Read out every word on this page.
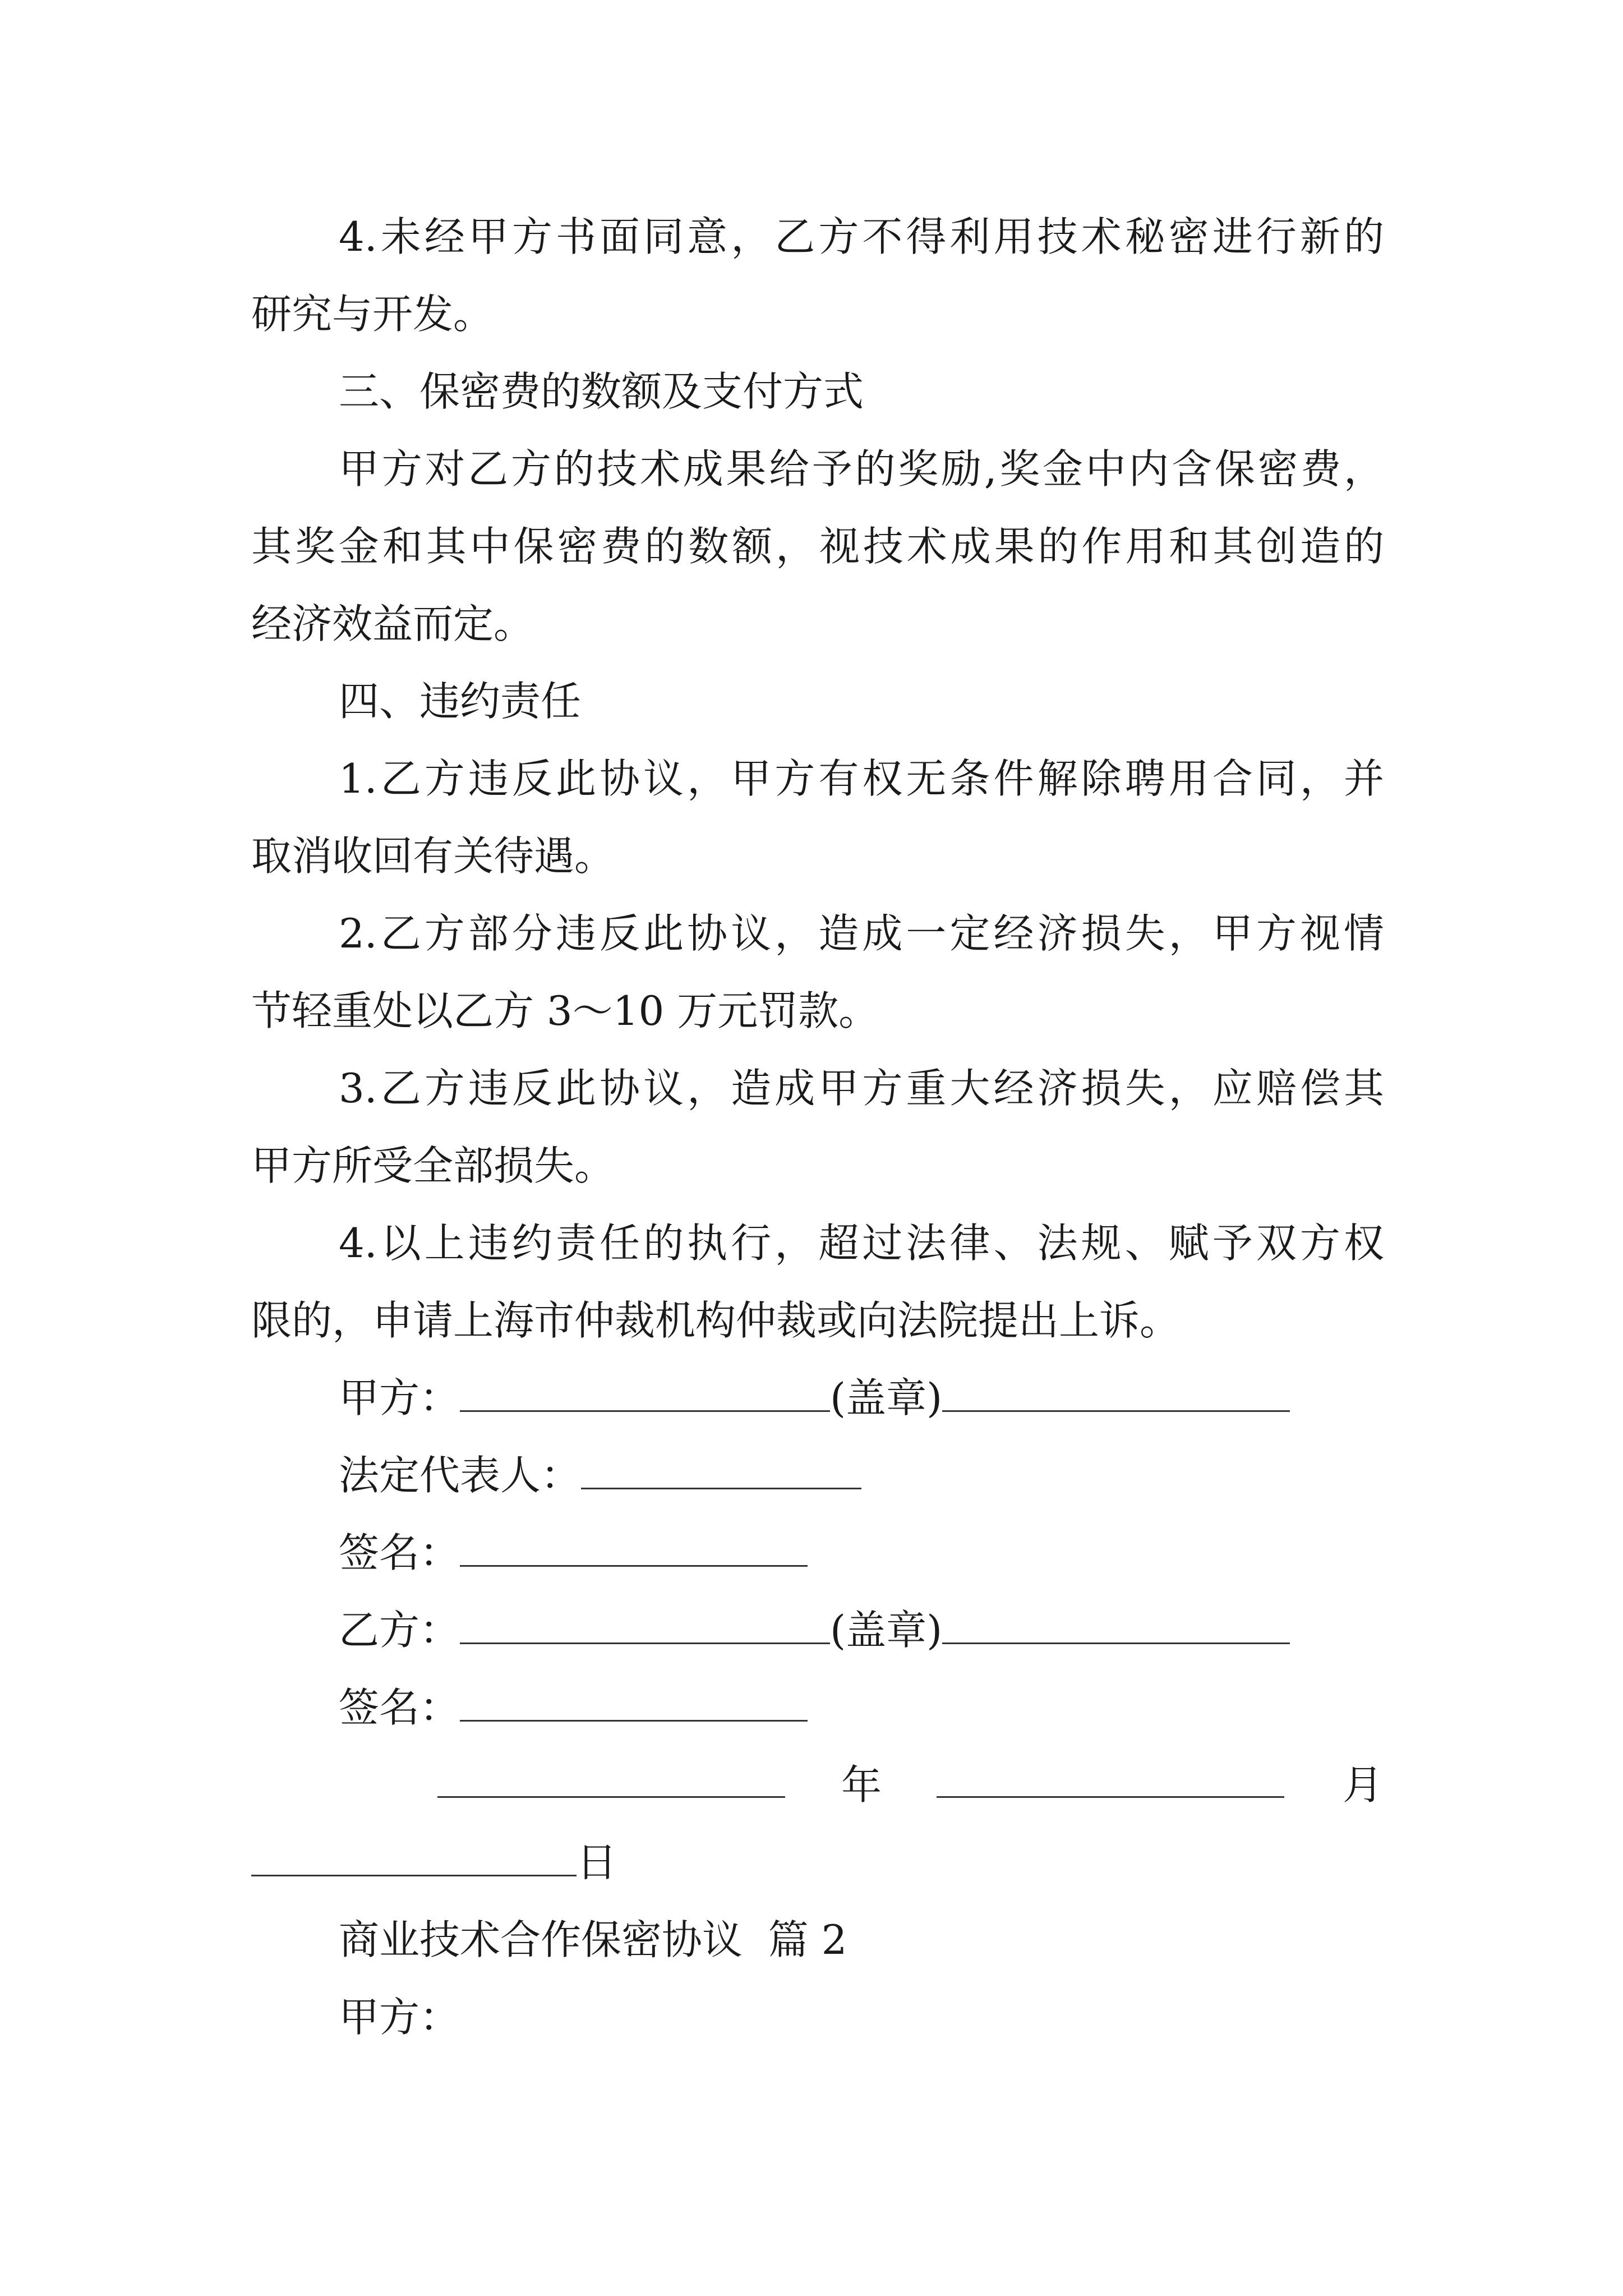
4.未经甲方书面同意，乙方不得利用技术秘密进行新的
研究与开发。
三、保密费的数额及支付方式
甲方对乙方的技术成果给予的奖励,奖金中内含保密费，
其奖金和其中保密费的数额，视技术成果的作用和其创造的
经济效益而定。
四、违约责任
1.乙方违反此协议，甲方有权无条件解除聘用合同，并
取消收回有关待遇。
2.乙方部分违反此协议，造成一定经济损失，甲方视情
节轻重处以乙方 3～10 万元罚款。
3.乙方违反此协议，造成甲方重大经济损失，应赔偿其
甲方所受全部损失。
4.以上违约责任的执行，超过法律、法规、赋予双方权
限的，申请上海市仲裁机构仲裁或向法院提出上诉。
甲方：	(盖章)
法定代表人：
签名：
乙方：	(盖章)
签名：
年	月
日
商业技术合作保密协议  篇 2
甲方：
